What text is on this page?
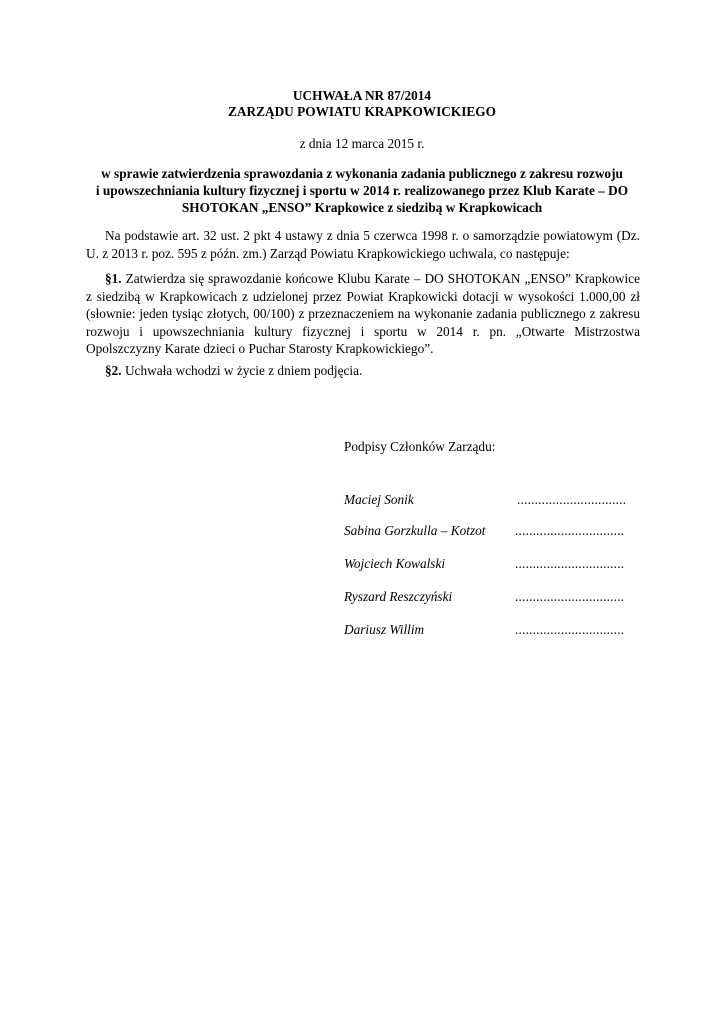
UCHWAŁA NR 87/2014
ZARZĄDU POWIATU KRAPKOWICKIEGO
z dnia 12 marca 2015 r.
w sprawie zatwierdzenia sprawozdania z wykonania zadania publicznego z zakresu rozwoju
i upowszechniania kultury fizycznej i sportu w 2014 r. realizowanego przez Klub Karate – DO
SHOTOKAN „ENSO” Krapkowice z siedzibą w Krapkowicach
Na podstawie art. 32 ust. 2 pkt 4 ustawy z dnia 5 czerwca 1998 r. o samorządzie powiatowym (Dz. U. z 2013 r. poz. 595 z późn. zm.) Zarząd Powiatu Krapkowickiego uchwala, co następuje:
§1. Zatwierdza się sprawozdanie końcowe Klubu Karate – DO SHOTOKAN „ENSO” Krapkowice z siedzibą w Krapkowicach z udzielonej przez Powiat Krapkowicki dotacji w wysokości 1.000,00 zł (słownie: jeden tysiąc złotych, 00/100) z przeznaczeniem na wykonanie zadania publicznego z zakresu rozwoju i upowszechniania kultury fizycznej i sportu w 2014 r. pn. „Otwarte Mistrzostwa Opolszczyzny Karate dzieci o Puchar Starosty Krapkowickiego”.
§2. Uchwała wchodzi w życie z dniem podjęcia.
Podpisy Członków Zarządu:
Maciej Sonik	...............................
Sabina Gorzkulla – Kotzot ...............................
Wojciech Kowalski	...............................
Ryszard Reszczyński	...............................
Dariusz Willim	...............................
